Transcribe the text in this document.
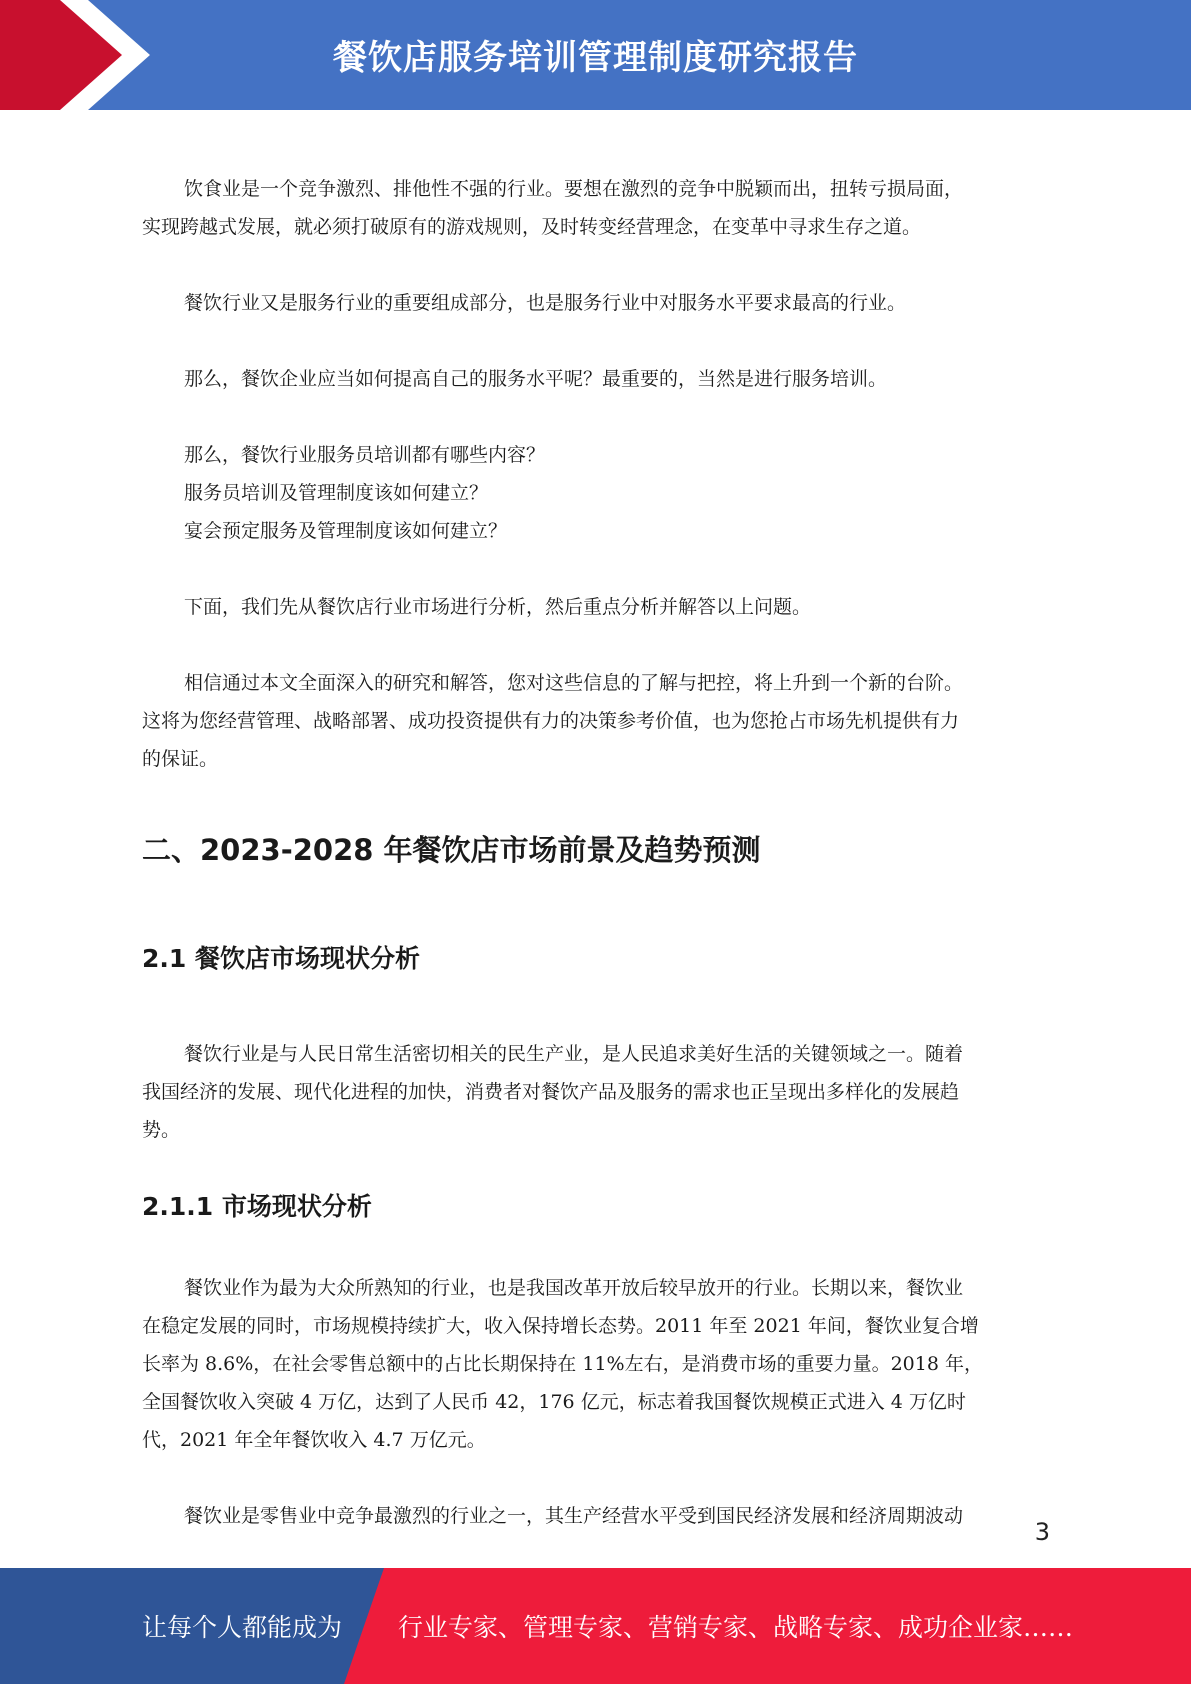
餐饮店服务培训管理制度研究报告

饮食业是一个竞争激烈、排他性不强的行业。要想在激烈的竞争中脱颖而出，扭转亏损局面，

实现跨越式发展，就必须打破原有的游戏规则，及时转变经营理念，在变革中寻求生存之道。

餐饮行业又是服务行业的重要组成部分，也是服务行业中对服务水平要求最高的行业。

那么，餐饮企业应当如何提高自己的服务水平呢？最重要的，当然是进行服务培训。

那么，餐饮行业服务员培训都有哪些内容？

服务员培训及管理制度该如何建立？

宴会预定服务及管理制度该如何建立？

下面，我们先从餐饮店行业市场进行分析，然后重点分析并解答以上问题。

相信通过本文全面深入的研究和解答，您对这些信息的了解与把控，将上升到一个新的台阶。

这将为您经营管理、战略部署、成功投资提供有力的决策参考价值，也为您抢占市场先机提供有力

的保证。

二、2023-2028 年餐饮店市场前景及趋势预测
2.1 餐饮店市场现状分析

餐饮行业是与人民日常生活密切相关的民生产业，是人民追求美好生活的关键领域之一。随着

我国经济的发展、现代化进程的加快，消费者对餐饮产品及服务的需求也正呈现出多样化的发展趋

势。

2.1.1 市场现状分析

餐饮业作为最为大众所熟知的行业，也是我国改革开放后较早放开的行业。长期以来，餐饮业

在稳定发展的同时，市场规模持续扩大，收入保持增长态势。2011 年至 2021 年间，餐饮业复合增

长率为 8.6%，在社会零售总额中的占比长期保持在 11%左右，是消费市场的重要力量。2018 年，

全国餐饮收入突破 4 万亿，达到了人民币 42，176 亿元，标志着我国餐饮规模正式进入 4 万亿时

代，2021 年全年餐饮收入 4.7 万亿元。

餐饮业是零售业中竞争最激烈的行业之一，其生产经营水平受到国民经济发展和经济周期波动

3
让每个人都能成为 行业专家、管理专家、营销专家、战略专家、成功企业家……
